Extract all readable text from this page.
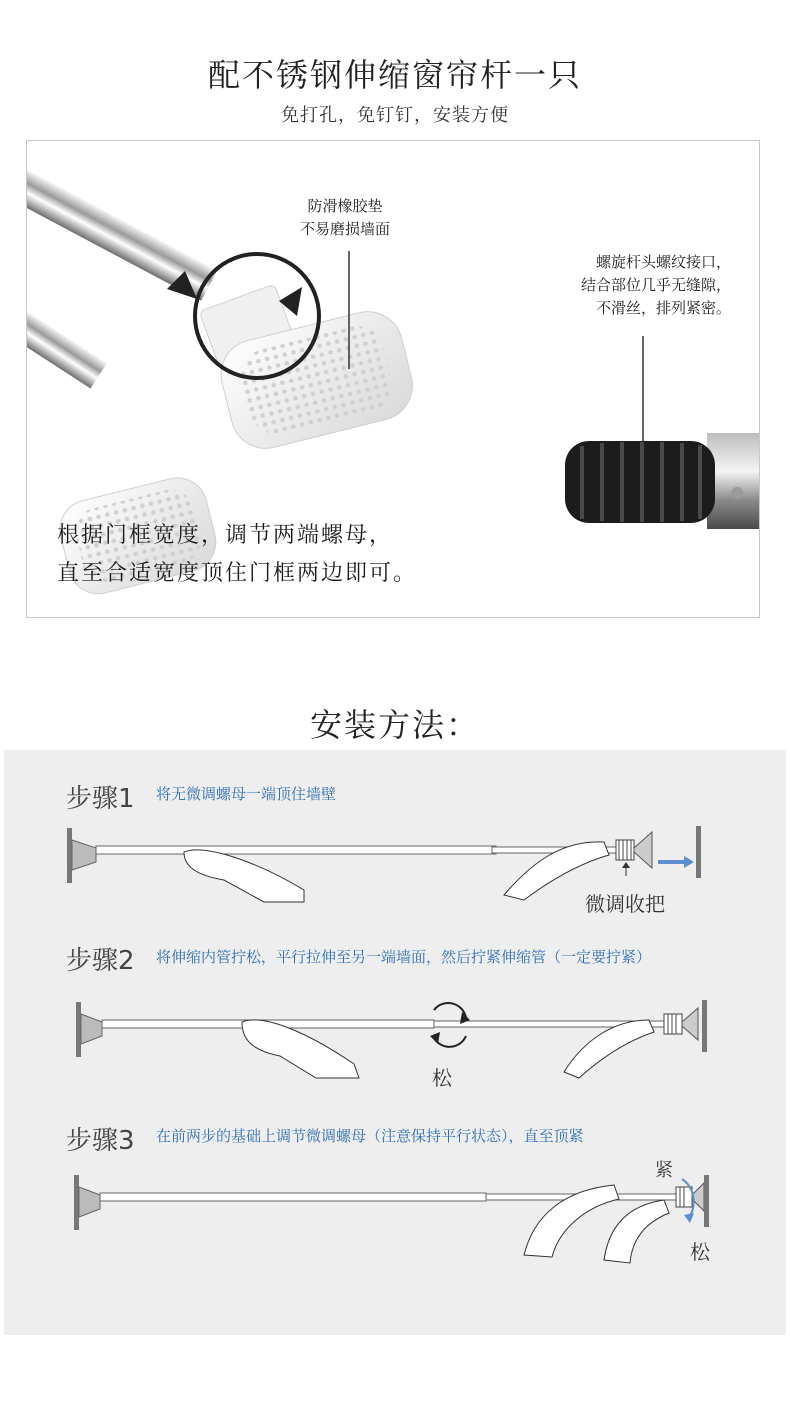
配不锈钢伸缩窗帘杆一只
免打孔，免钉钉，安装方便
防滑橡胶垫
不易磨损墙面
螺旋杆头螺纹接口，
结合部位几乎无缝隙，
不滑丝，排列紧密。
根据门框宽度，调节两端螺母，
直至合适宽度顶住门框两边即可。
安装方法：
步骤1 将无微调螺母一端顶住墙壁
微调收把
步骤2 将伸缩内管拧松，平行拉伸至另一端墙面，然后拧紧伸缩管（一定要拧紧）
松
步骤3 在前两步的基础上调节微调螺母（注意保持平行状态），直至顶紧
紧
松
